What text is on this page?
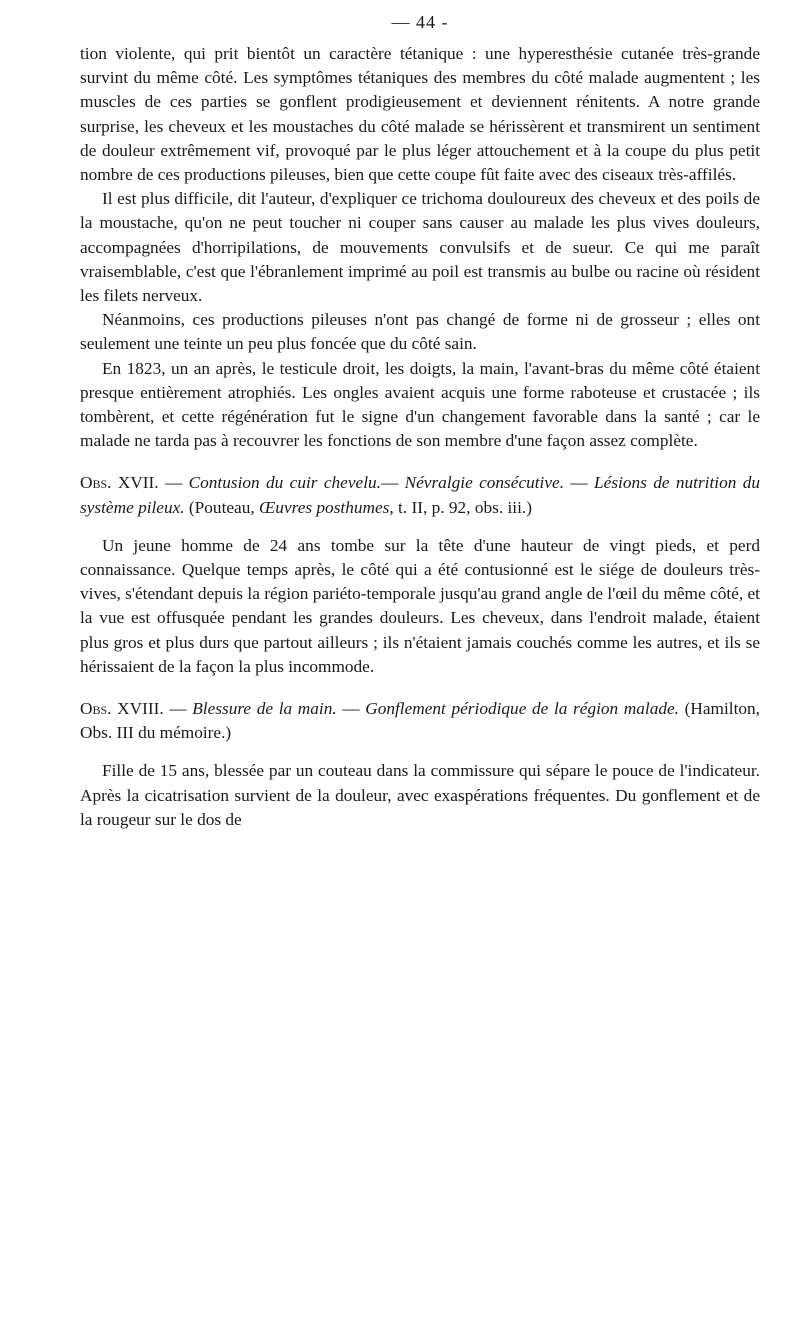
— 44 -

tion violente, qui prit bientôt un caractère tétanique : une hyperesthésie cutanée très-grande survint du même côté. Les symptômes tétaniques des membres du côté malade augmentent ; les muscles de ces parties se gonflent prodigieusement et deviennent rénitents. A notre grande surprise, les cheveux et les moustaches du côté malade se hérissèrent et transmirent un sentiment de douleur extrêmement vif, provoqué par le plus léger attouchement et à la coupe du plus petit nombre de ces productions pileuses, bien que cette coupe fût faite avec des ciseaux très-affilés.

Il est plus difficile, dit l'auteur, d'expliquer ce trichoma douloureux des cheveux et des poils de la moustache, qu'on ne peut toucher ni couper sans causer au malade les plus vives douleurs, accompagnées d'horripilations, de mouvements convulsifs et de sueur. Ce qui me paraît vraisemblable, c'est que l'ébranlement imprimé au poil est transmis au bulbe ou racine où résident les filets nerveux.

Néanmoins, ces productions pileuses n'ont pas changé de forme ni de grosseur ; elles ont seulement une teinte un peu plus foncée que du côté sain.

En 1823, un an après, le testicule droit, les doigts, la main, l'avant-bras du même côté étaient presque entièrement atrophiés. Les ongles avaient acquis une forme raboteuse et crustacée ; ils tombèrent, et cette régénération fut le signe d'un changement favorable dans la santé ; car le malade ne tarda pas à recouvrer les fonctions de son membre d'une façon assez complète.

Obs. XVII. — Contusion du cuir chevelu.— Névralgie consécutive. — Lésions de nutrition du système pileux. (Pouteau, Œuvres posthumes, t. II, p. 92, obs. iii.)

Un jeune homme de 24 ans tombe sur la tête d'une hauteur de vingt pieds, et perd connaissance. Quelque temps après, le côté qui a été contusionné est le siége de douleurs très-vives, s'étendant depuis la région pariéto-temporale jusqu'au grand angle de l'œil du même côté, et la vue est offusquée pendant les grandes douleurs. Les cheveux, dans l'endroit malade, étaient plus gros et plus durs que partout ailleurs ; ils n'étaient jamais couchés comme les autres, et ils se hérissaient de la façon la plus incommode.

Obs. XVIII. — Blessure de la main. — Gonflement périodique de la région malade. (Hamilton, Obs. III du mémoire.)

Fille de 15 ans, blessée par un couteau dans la commissure qui sépare le pouce de l'indicateur. Après la cicatrisation survient de la douleur, avec exaspérations fréquentes. Du gonflement et de la rougeur sur le dos de
